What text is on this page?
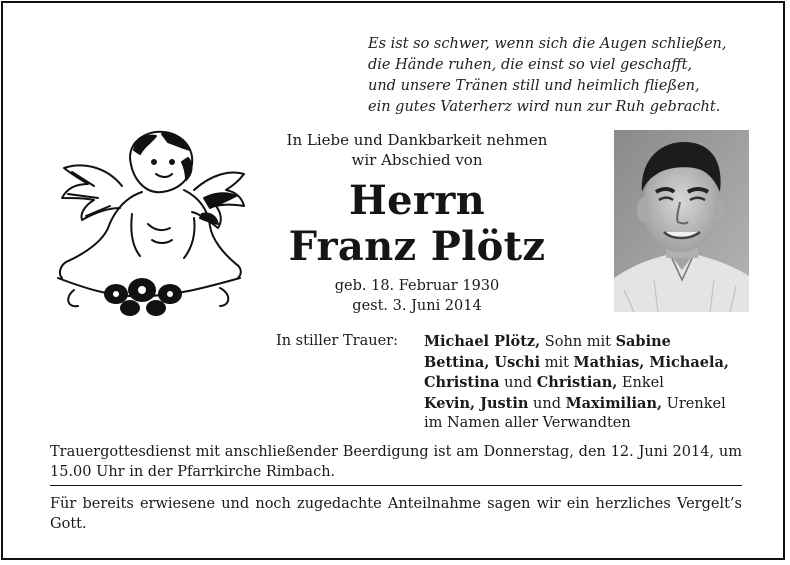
Es ist so schwer, wenn sich die Augen schließen,
die Hände ruhen, die einst so viel geschafft,
und unsere Tränen still und heimlich fließen,
ein gutes Vaterherz wird nun zur Ruh gebracht.
In Liebe und Dankbarkeit nehmen
wir Abschied von
Herrn
Franz Plötz
geb. 18. Februar 1930
gest. 3. Juni 2014
In stiller Trauer: Michael Plötz, Sohn mit Sabine
Bettina, Uschi mit Mathias, Michaela,
Christina und Christian, Enkel
Kevin, Justin und Maximilian, Urenkel
im Namen aller Verwandten
Trauergottesdienst mit anschließender Beerdigung ist am Donnerstag, den 12. Juni 2014, um 15.00 Uhr in der Pfarrkirche Rimbach.
Für bereits erwiesene und noch zugedachte Anteilnahme sagen wir ein herzliches Vergelt’s Gott.
